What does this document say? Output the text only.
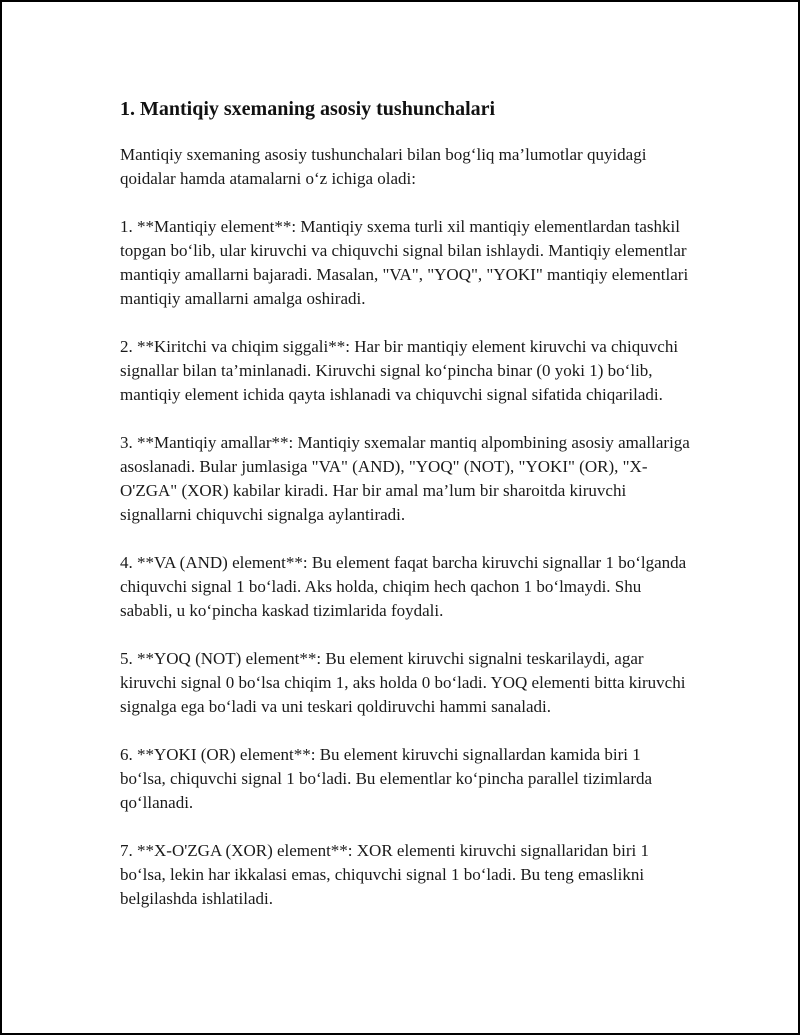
1. Mantiqiy sxemaning asosiy tushunchalari

Mantiqiy sxemaning asosiy tushunchalari bilan bog‘liq ma’lumotlar quyidagi qoidalar hamda atamalarni o‘z ichiga oladi:

1. **Mantiqiy element**: Mantiqiy sxema turli xil mantiqiy elementlardan tashkil topgan bo‘lib, ular kiruvchi va chiquvchi signal bilan ishlaydi. Mantiqiy elementlar mantiqiy amallarni bajaradi. Masalan, "VA", "YOQ", "YOKI" mantiqiy elementlari mantiqiy amallarni amalga oshiradi.

2. **Kiritchi va chiqim siggali**: Har bir mantiqiy element kiruvchi va chiquvchi signallar bilan ta’minlanadi. Kiruvchi signal ko‘pincha binar (0 yoki 1) bo‘lib, mantiqiy element ichida qayta ishlanadi va chiquvchi signal sifatida chiqariladi.

3. **Mantiqiy amallar**: Mantiqiy sxemalar mantiq alpombining asosiy amallariga asoslanadi. Bular jumlasiga "VA" (AND), "YOQ" (NOT), "YOKI" (OR), "X-O'ZGA" (XOR) kabilar kiradi. Har bir amal ma’lum bir sharoitda kiruvchi signallarni chiquvchi signalga aylantiradi.

4. **VA (AND) element**: Bu element faqat barcha kiruvchi signallar 1 bo‘lganda chiquvchi signal 1 bo‘ladi. Aks holda, chiqim hech qachon 1 bo‘lmaydi. Shu sababli, u ko‘pincha kaskad tizimlarida foydali.

5. **YOQ (NOT) element**: Bu element kiruvchi signalni teskarilaydi, agar kiruvchi signal 0 bo‘lsa chiqim 1, aks holda 0 bo‘ladi. YOQ elementi bitta kiruvchi signalga ega bo‘ladi va uni teskari qoldiruvchi hammi sanaladi.

6. **YOKI (OR) element**: Bu element kiruvchi signallardan kamida biri 1 bo‘lsa, chiquvchi signal 1 bo‘ladi. Bu elementlar ko‘pincha parallel tizimlarda qo‘llanadi.

7. **X-O'ZGA (XOR) element**: XOR elementi kiruvchi signallaridan biri 1 bo‘lsa, lekin har ikkalasi emas, chiquvchi signal 1 bo‘ladi. Bu teng emaslikni belgilashda ishlatiladi.
